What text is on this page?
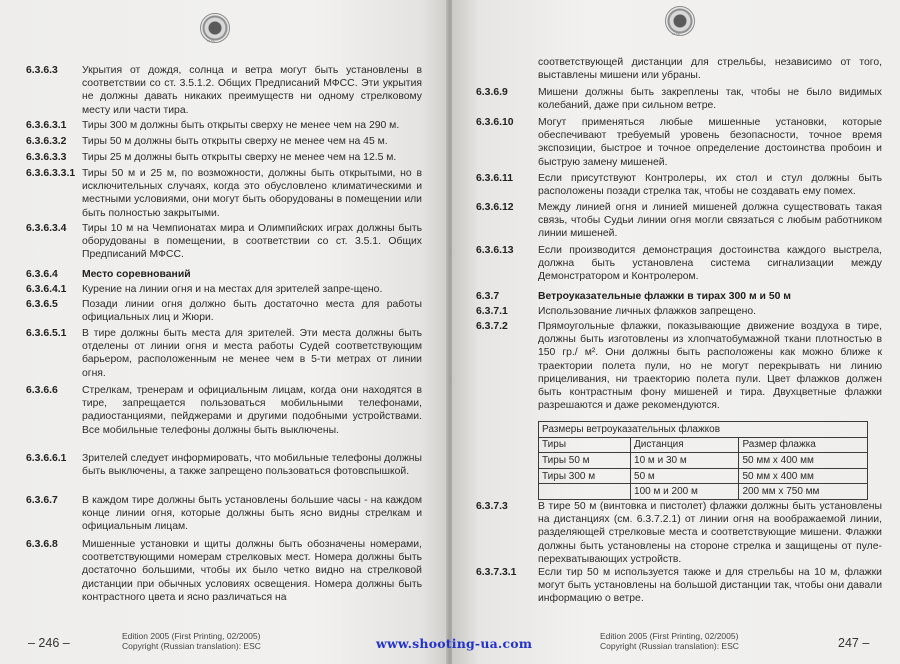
ISSF
6.3.6.3 Укрытия от дождя, солнца и ветра могут быть установлены в соответствии со ст. 3.5.1.2. Общих Предписаний МФСС. Эти укрытия не должны давать никаких преимуществ ни одному стрелковому месту или части тира.
6.3.6.3.1 Тиры 300 м должны быть открыты сверху не менее чем на 290 м.
6.3.6.3.2 Тиры 50 м должны быть открыты сверху не менее чем на 45 м.
6.3.6.3.3 Тиры 25 м должны быть открыты сверху не менее чем на 12.5 м.
6.3.6.3.3.1 Тиры 50 м и 25 м, по возможности, должны быть открытыми, но в исключительных случаях, когда это обусловлено климатическими и местными условиями, они могут быть оборудованы в помещении или быть полностью закрытыми.
6.3.6.3.4 Тиры 10 м на Чемпионатах мира и Олимпийских играх должны быть оборудованы в помещении, в соответствии со ст. 3.5.1. Общих Предписаний МФСС.
6.3.6.4 Место соревнований
6.3.6.4.1 Курение на линии огня и на местах для зрителей запре-щено.
6.3.6.5 Позади линии огня должно быть достаточно места для работы официальных лиц и Жюри.
6.3.6.5.1 В тире должны быть места для зрителей. Эти места должны быть отделены от линии огня и места работы Судей соответствующим барьером, расположенным не менее чем в 5-ти метрах от линии огня.
6.3.6.6 Стрелкам, тренерам и официальным лицам, когда они находятся в тире, запрещается пользоваться мобильными телефонами, радиостанциями, пейджерами и другими подобными устройствами. Все мобильные телефоны должны быть выключены.
6.3.6.6.1 Зрителей следует информировать, что мобильные телефоны должны быть выключены, а также запрещено пользоваться фотовспышкой.
6.3.6.7 В каждом тире должны быть установлены большие часы - на каждом конце линии огня, которые должны быть ясно видны стрелкам и официальным лицам.
6.3.6.8 Мишенные установки и щиты должны быть обозначены номерами, соответствующими номерам стрелковых мест. Номера должны быть достаточно большими, чтобы их было четко видно на стрелковой дистанции при обычных условиях освещения. Номера должны быть контрастного цвета и ясно различаться на
– 246 –	Edition 2005 (First Printing, 02/2005)
Copyright (Russian translation): ESC
ISSF
соответствующей дистанции для стрельбы, независимо от того, выставлены мишени или убраны.
6.3.6.9	Мишени должны быть закреплены так, чтобы не было видимых колебаний, даже при сильном ветре.
6.3.6.10 Могут применяться любые мишенные установки, которые обеспечивают требуемый уровень безопасности, точное время экспозиции, быстрое и точное определение достоинства пробоин и быструю замену мишеней.
6.3.6.11 Если присутствуют Контролеры, их стол и стул должны быть расположены позади стрелка так, чтобы не создавать ему помех.
6.3.6.12 Между линией огня и линией мишеней должна существовать такая связь, чтобы Судьи линии огня могли связаться с любым работником линии мишеней.
6.3.6.13 Если производится демонстрация достоинства каждого выстрела, должна быть установлена система сигнализации между Демонстратором и Контролером.
6.3.7	Ветроуказательные флажки в тирах 300 м и 50 м
6.3.7.1	Использование личных флажков запрещено.
6.3.7.2	Прямоугольные флажки, показывающие движение воздуха в тире, должны быть изготовлены из хлопчатобумажной ткани плотностью в 150 гр./ м². Они должны быть расположены как можно ближе к траектории полета пули, но не могут перекрывать ни линию прицеливания, ни траекторию полета пули. Цвет флажков должен быть контрастным фону мишеней и тира. Двухцветные флажки разрешаются и даже рекомендуются.
Размеры ветроуказательных флажков		
Тиры	Дистанция	Размер флажка
Тиры 50 м	10 м и 30 м	50 мм х 400 мм
Тиры 300 м	50 м	50 мм х 400 мм
	100 м и 200 м	200 мм х 750 мм
6.3.7.3	В тире 50 м (винтовка и пистолет) флажки должны быть установлены на дистанциях (см. 6.3.7.2.1) от линии огня на воображаемой линии, разделяющей стрелковые места и соответствующие мишени. Флажки должны быть установлены на стороне стрелка и защищены от пулеперехватывающих устройств.
6.3.7.3.1 Если тир 50 м используется также и для стрельбы на 10 м, флажки могут быть установлены на большой дистанции так, чтобы они давали информацию о ветре.
Edition 2005 (First Printing, 02/2005)
Copyright (Russian translation): ESC	247 –
www.shooting-ua.com
